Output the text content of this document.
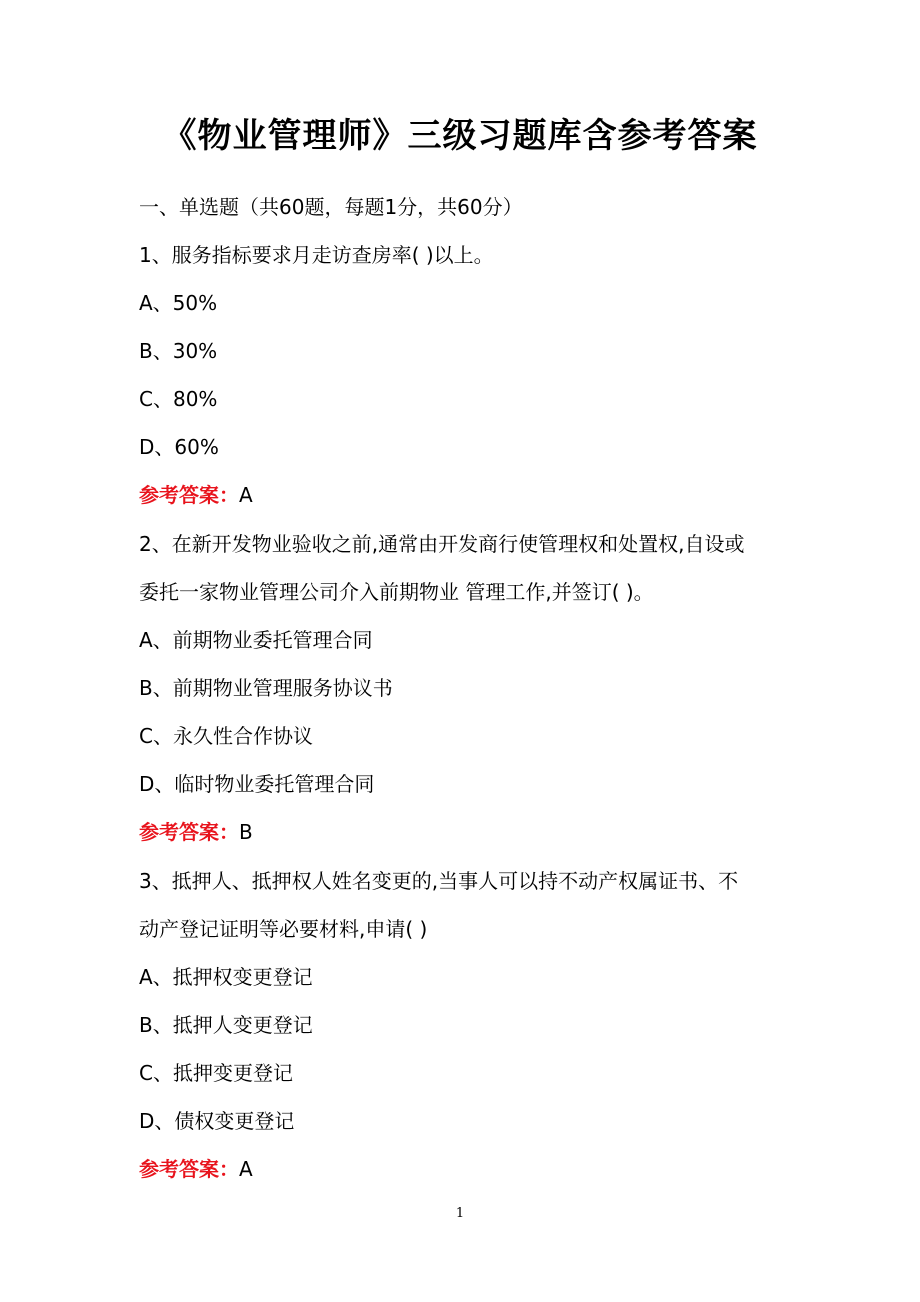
《物业管理师》三级习题库含参考答案
一、单选题（共60题，每题1分，共60分）
1、服务指标要求月走访查房率( )以上。
A、50%
B、30%
C、80%
D、60%
参考答案：A
2、在新开发物业验收之前,通常由开发商行使管理权和处置权,自设或
委托一家物业管理公司介入前期物业 管理工作,并签订( )。
A、前期物业委托管理合同
B、前期物业管理服务协议书
C、永久性合作协议
D、临时物业委托管理合同
参考答案：B
3、抵押人、抵押权人姓名变更的,当事人可以持不动产权属证书、不
动产登记证明等必要材料,申请( )
A、抵押权变更登记
B、抵押人变更登记
C、抵押变更登记
D、债权变更登记
参考答案：A
1
